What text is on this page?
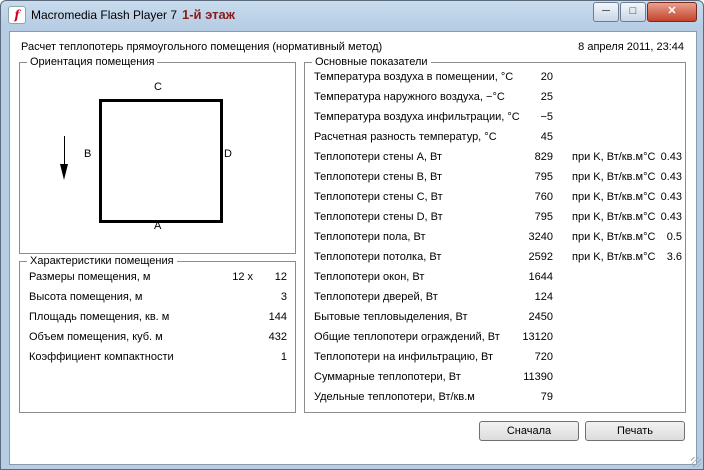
f Macromedia Flash Player 7 1-й этаж	─	□	✕
Расчет теплопотерь прямоугольного помещения (нормативный метод)	8 апреля 2011, 23:44
Ориентация помещения
C
A
B	D
Характеристики помещения
Размеры помещения, м	12 x 12
Высота помещения, м	3
Площадь помещения, кв. м	144
Объем помещения, куб. м	432
Коэффициент компактности	1
Основные показатели
Температура воздуха в помещении, °C	20
Температура наружного воздуха, −°C	25
Температура воздуха инфильтрации, °C −5
Расчетная разность температур, °C	45
Теплопотери стены A, Вт	829 при K, Вт/кв.м°C 0.43
Теплопотери стены B, Вт	795 при K, Вт/кв.м°C 0.43
Теплопотери стены C, Вт	760 при K, Вт/кв.м°C 0.43
Теплопотери стены D, Вт	795 при K, Вт/кв.м°C 0.43
Теплопотери пола, Вт	3240 при K, Вт/кв.м°C 0.5
Теплопотери потолка, Вт	2592 при K, Вт/кв.м°C 3.6
Теплопотери окон, Вт	1644
Теплопотери дверей, Вт	124
Бытовые тепловыделения, Вт	2450
Общие теплопотери ограждений, Вт 13120
Теплопотери на инфильтрацию, Вт	720
Суммарные теплопотери, Вт	11390
Удельные теплопотери, Вт/кв.м	79
Сначала	Печать
